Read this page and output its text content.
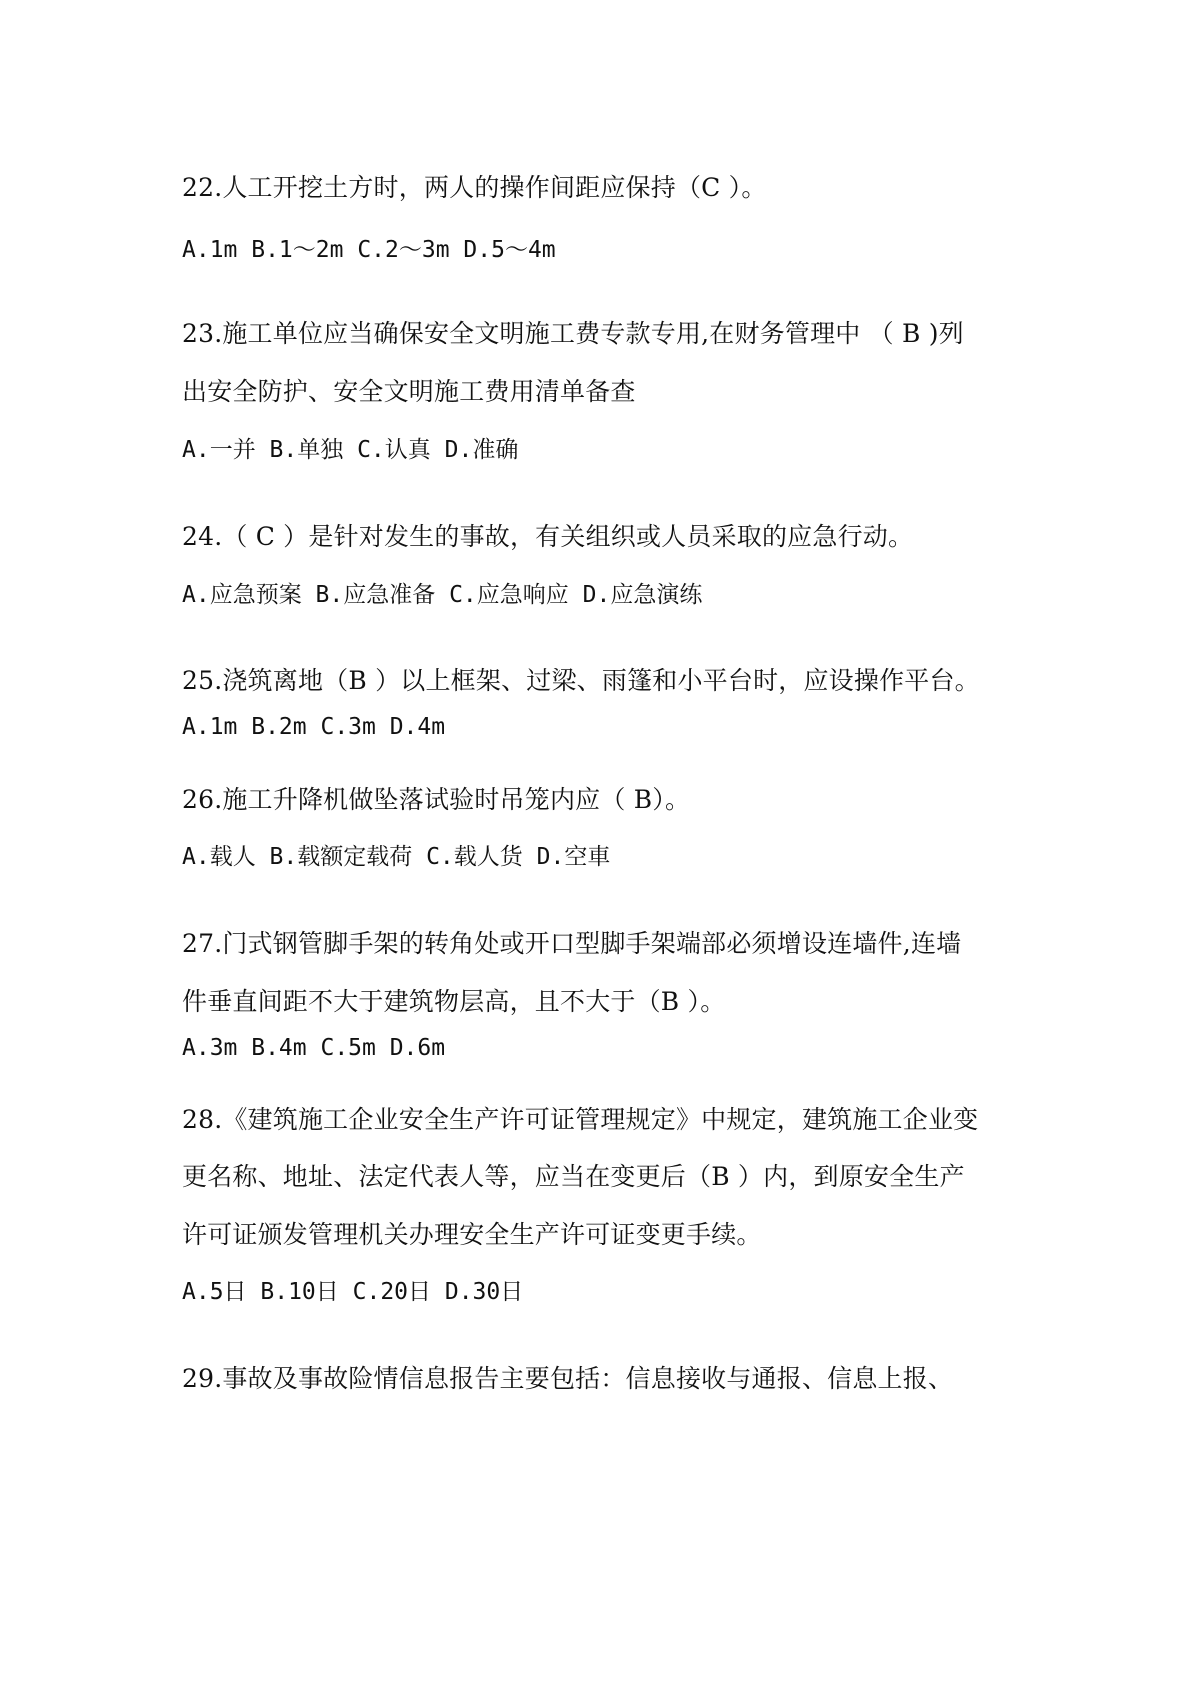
22.人工开挖土方时，两人的操作间距应保持（C ）。
A.1m B.1～2m C.2～3m D.5～4m
23.施工单位应当确保安全文明施工费专款专用,在财务管理中 （ B )列
出安全防护、安全文明施工费用清单备查
A.一并 B.单独 C.认真 D.准确
24.（ C ）是针对发生的事故，有关组织或人员采取的应急行动。
A.应急预案 B.应急准备 C.应急响应 D.应急演练
25.浇筑离地（B ）以上框架、过梁、雨篷和小平台时，应设操作平台。
A.1m B.2m C.3m D.4m
26.施工升降机做坠落试验时吊笼内应（ B）。
A.载人 B.载额定载荷 C.载人货 D.空車
27.门式钢管脚手架的转角处或开口型脚手架端部必须增设连墙件,连墙
件垂直间距不大于建筑物层高，且不大于（B ）。
A.3m B.4m C.5m D.6m
28.《建筑施工企业安全生产许可证管理规定》中规定，建筑施工企业变
更名称、地址、法定代表人等，应当在变更后（B ）内，到原安全生产
许可证颁发管理机关办理安全生产许可证变更手续。
A.5日 B.10日 C.20日 D.30日
29.事故及事故险情信息报告主要包括：信息接收与通报、信息上报、
